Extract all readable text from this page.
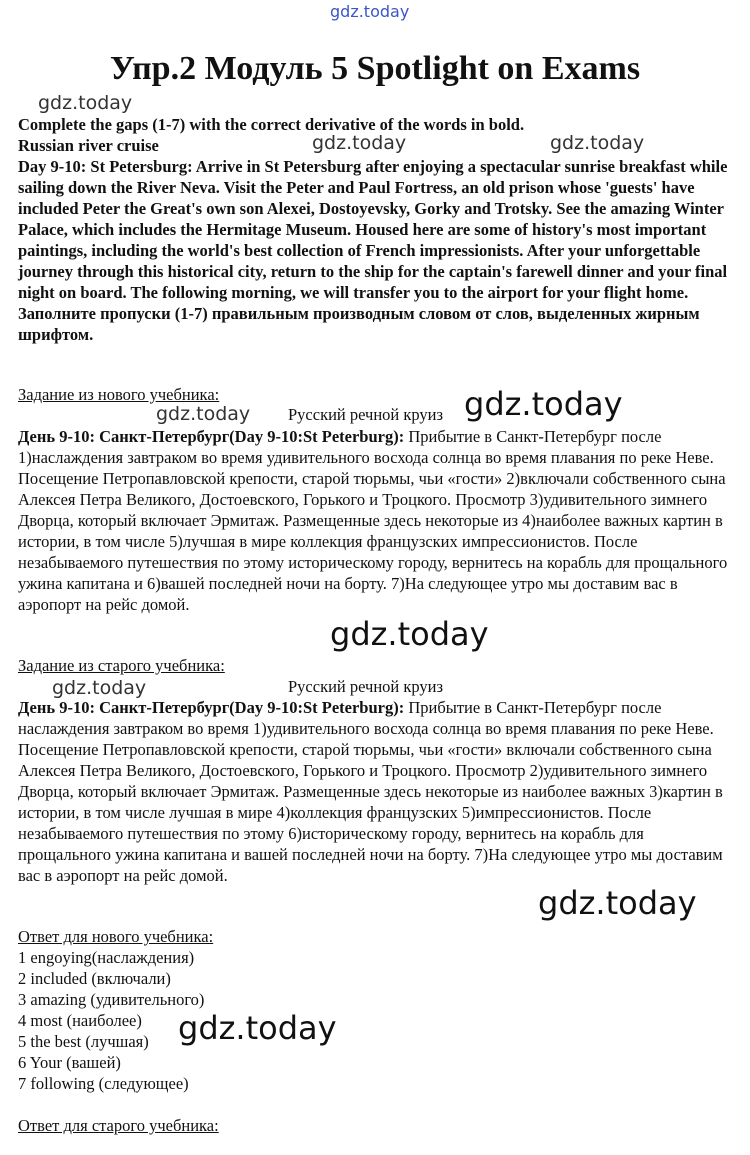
gdz.today
gdz.today
gdz.today	gdz.today
gdz.today	gdz.today
gdz.today
gdz.today
gdz.today
gdz.today
Упр.2 Модуль 5 Spotlight on Exams

Complete the gaps (1-7) with the correct derivative of the words in bold.

Russian river cruise

Day 9-10: St Petersburg: Arrive in St Petersburg after enjoying a spectacular sunrise breakfast while sailing down the River Neva. Visit the Peter and Paul Fortress, an old prison whose 'guests' have included Peter the Great's own son Alexei, Dostoyevsky, Gorky and Trotsky. See the amazing Winter

Palace, which includes the Hermitage Museum. Housed here are some of history's most important paintings, including the world's best collection of French impressionists. After your unforgettable journey through this historical city, return to the ship for the captain's farewell dinner and your final night on board. The following morning, we will transfer you to the airport for your flight home.

Заполните пропуски (1-7) правильным производным словом от слов, выделенных жирным шрифтом.

Задание из нового учебника:
Русский речной круиз
День 9-10: Санкт-Петербург(Day 9-10:St Peterburg): Прибытие в Санкт-Петербург после 1)наслаждения завтраком во время удивительного восхода солнца во время плавания по реке Неве. Посещение Петропавловской крепости, старой тюрьмы, чьи «гости» 2)включали собственного сына Алексея Петра Великого, Достоевского, Горького и Троцкого. Просмотр 3)удивительного зимнего Дворца, который включает Эрмитаж. Размещенные здесь некоторые из 4)наиболее важных картин в истории, в том числе 5)лучшая в мире коллекция французских импрессионистов. После незабываемого путешествия по этому историческому городу, вернитесь на корабль для прощального ужина капитана и 6)вашей последней ночи на борту. 7)На следующее утро мы доставим вас в аэропорт на рейс домой.
Задание из старого учебника:
Русский речной круиз
День 9-10: Санкт-Петербург(Day 9-10:St Peterburg): Прибытие в Санкт-Петербург после наслаждения завтраком во время 1)удивительного восхода солнца во время плавания по реке Неве. Посещение Петропавловской крепости, старой тюрьмы, чьи «гости» включали собственного сына Алексея Петра Великого, Достоевского, Горького и Троцкого. Просмотр 2)удивительного зимнего Дворца, который включает Эрмитаж. Размещенные здесь некоторые из наиболее важных 3)картин в истории, в том числе лучшая в мире 4)коллекция французских 5)импрессионистов. После незабываемого путешествия по этому 6)историческому городу, вернитесь на корабль для прощального ужина капитана и вашей последней ночи на борту. 7)На следующее утро мы доставим вас в аэропорт на рейс домой.
Ответ для нового учебника:
1 engoying(наслаждения)
2 included (включали)
3 amazing (удивительного)
4 most (наиболее)
5 the best (лучшая)
6 Your (вашей)
7 following (следующее)
Ответ для старого учебника:
